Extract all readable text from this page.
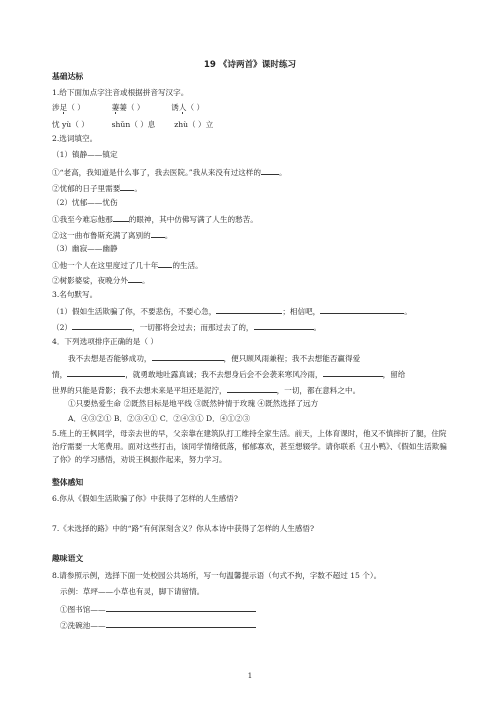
19 《诗两首》课时练习
基础达标
1.给下面加点字注音或根据拼音写汉字。
涉足（ ）	萋萋（ ）	诱人（ ）
忧 yù（ ）	shǔn（ ）息 zhù（ ）立
2.选词填空。
（1）镇静——镇定
①“老高，我知道是什么事了，我去医院。”我从来没有过这样的 。
②忧郁的日子里需要 。
（2）忧郁——忧伤
①我至今难忘他那 的眼神，其中仿佛写满了人生的愁苦。
②这一曲布鲁斯充满了离别的 。
（3）幽寂——幽静
①他一个人在这里度过了几十年 的生活。
②树影婆娑，夜晚分外 。
3.名句默写。
（1）假如生活欺骗了你，不要悲伤，不要心急，	；相信吧，	。
（2）	，一切都将会过去；而那过去了的，	。
4．下列选项排序正确的是（ ）
我不去想是否能够成功，	，便只顾风雨兼程；我不去想能否赢得爱
情，	，就勇敢地吐露真诚；我不去想身后会不会袭来寒风冷雨，	，留给
世界的只能是背影；我不去想未来是平坦还是泥泞，	，一切，都在意料之中。
①只要热爱生命 ②既然目标是地平线 ③既然钟情于玫瑰 ④既然选择了远方
A．④③②① B．②③④① C．②④③① D．④①②③
5.班上的王枫同学，母亲去世的早，父亲靠在建筑队打工维持全家生活。前天，上体育课时，他又不慎摔折了腿，住院治疗需要一大笔费用。面对这些打击，该同学情绪低落，郁郁寡欢，甚至想辍学。请你联系《丑小鸭》、《假如生活欺骗了你》的学习感悟，劝说王枫振作起来，努力学习。
整体感知
6.你从《假如生活欺骗了你》中获得了怎样的人生感悟?
7.《未选择的路》中的“路”有何深刻含义？你从本诗中获得了怎样的人生感悟?
趣味语文
8.请参照示例，选择下面一处校园公共场所，写一句温馨提示语（句式不拘，字数不超过 15 个）。
示例：草坪——小草也有灵，脚下请留情。
①图书馆——
②洗碗池——
1
